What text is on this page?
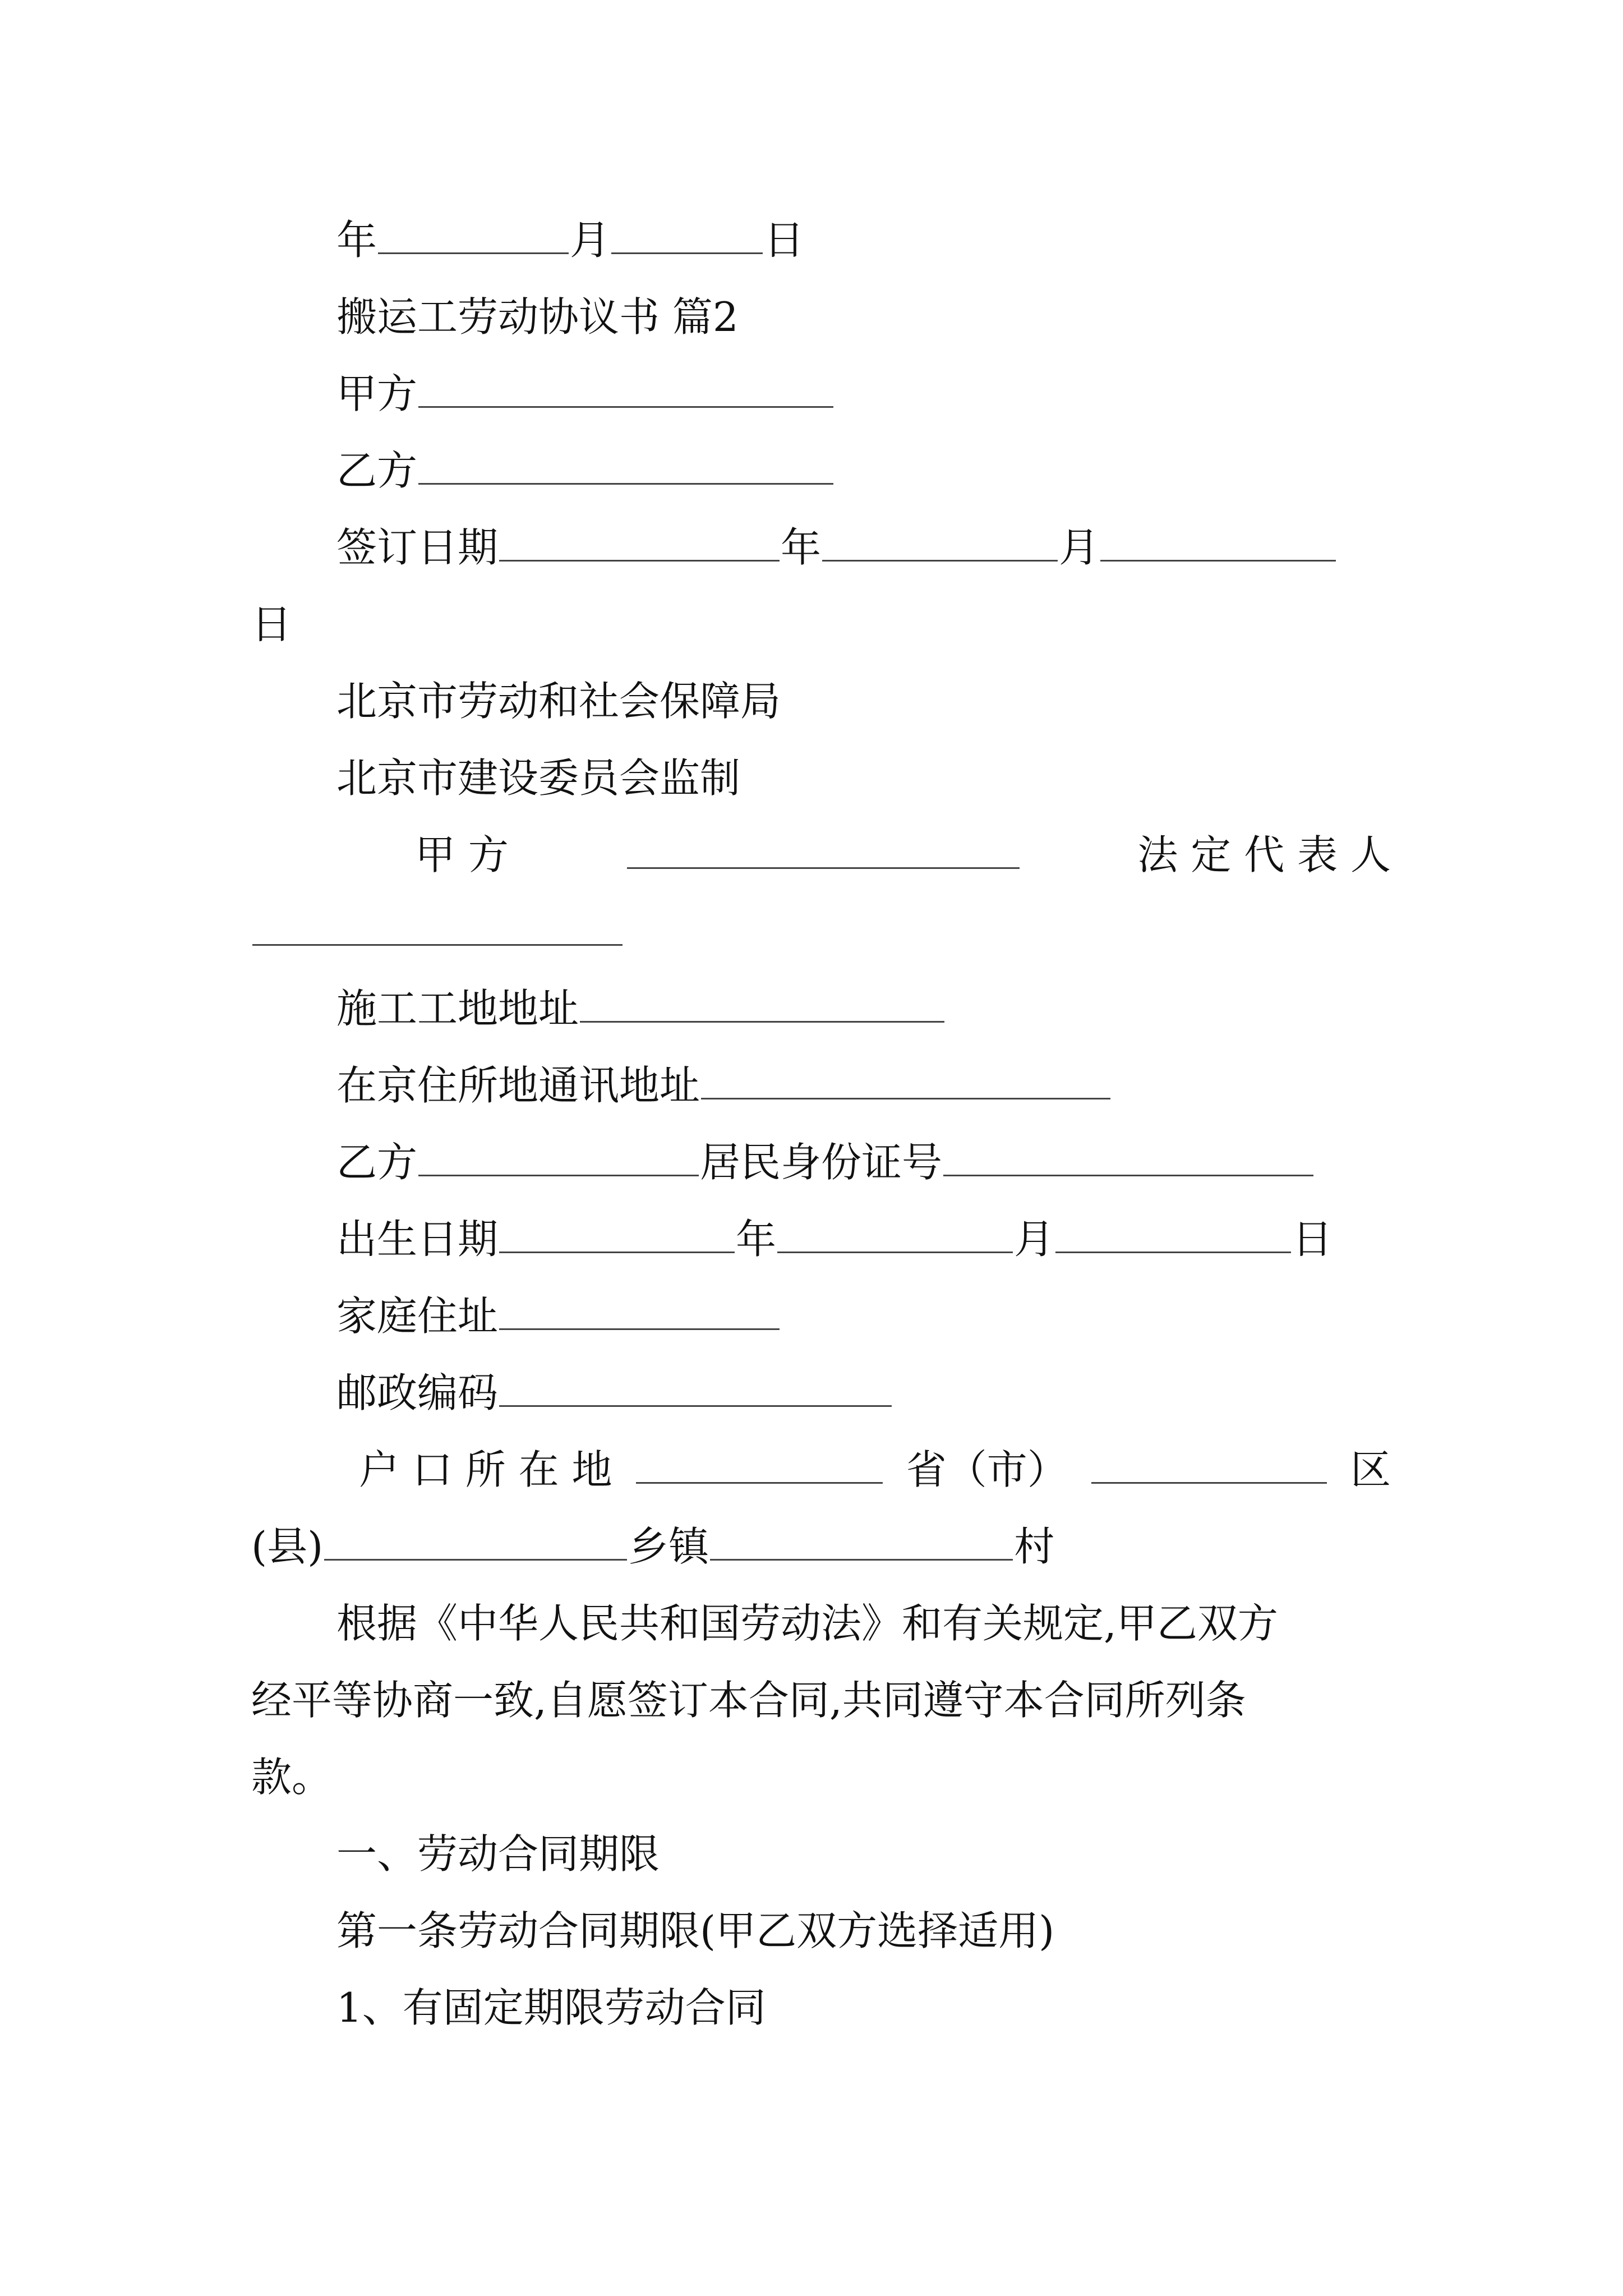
年	月	日
搬运工劳动协议书 篇2
甲方
乙方
签订日期	年	月
日
北京市劳动和社会保障局
北京市建设委员会监制
甲 方	法 定 代 表 人
施工工地地址
在京住所地通讯地址
乙方	居民身份证号
出生日期	年	月	日
家庭住址
邮政编码
户 口 所 在 地	省（市）	区
(县)	乡镇	村
根据《中华人民共和国劳动法》和有关规定,甲乙双方
经平等协商一致,自愿签订本合同,共同遵守本合同所列条
款。
一、劳动合同期限
第一条劳动合同期限(甲乙双方选择适用)
1、有固定期限劳动合同
